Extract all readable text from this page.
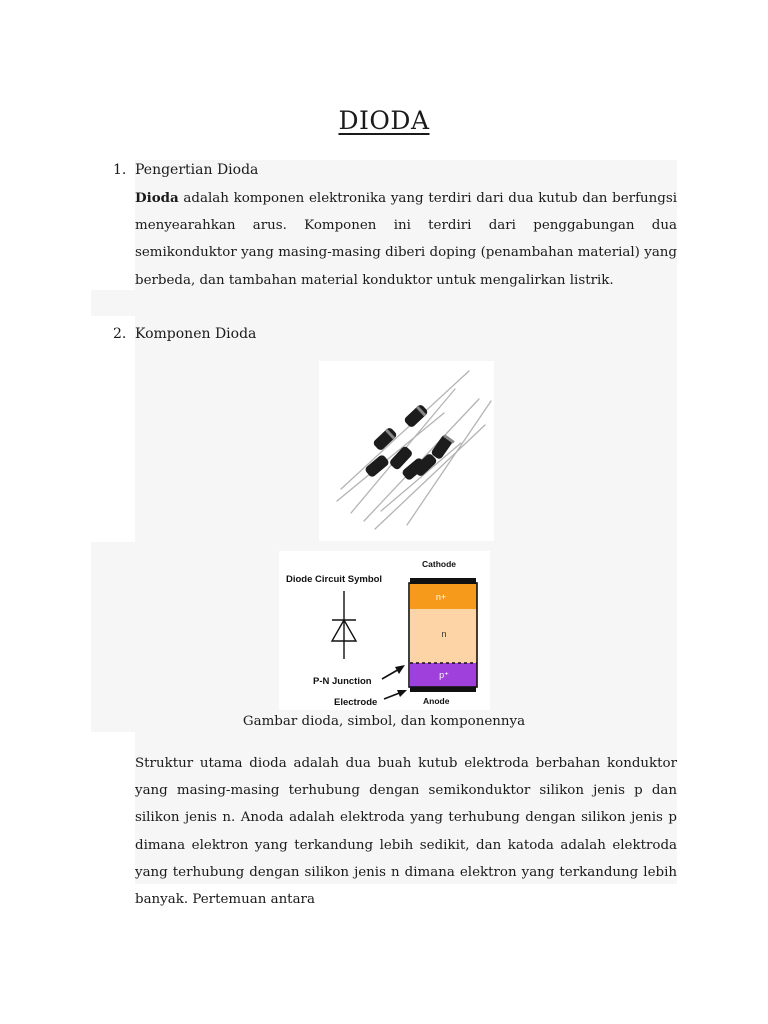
DIODA
1. Pengertian Dioda
Dioda adalah komponen elektronika yang terdiri dari dua kutub dan berfungsi menyearahkan arus. Komponen ini terdiri dari penggabungan dua semikonduktor yang masing-masing diberi doping (penambahan material) yang berbeda, dan tambahan material konduktor untuk mengalirkan listrik.
2. Komponen Dioda
Diode Circuit Symbol
P-N Junction
Electrode
Cathode
n+
n
p⁺
Anode
Gambar dioda, simbol, dan komponennya
Struktur utama dioda adalah dua buah kutub elektroda berbahan konduktor yang masing-masing terhubung dengan semikonduktor silikon jenis p dan silikon jenis n. Anoda adalah elektroda yang terhubung dengan silikon jenis p dimana elektron yang terkandung lebih sedikit, dan katoda adalah elektroda yang terhubung dengan silikon jenis n dimana elektron yang terkandung lebih banyak. Pertemuan antara
